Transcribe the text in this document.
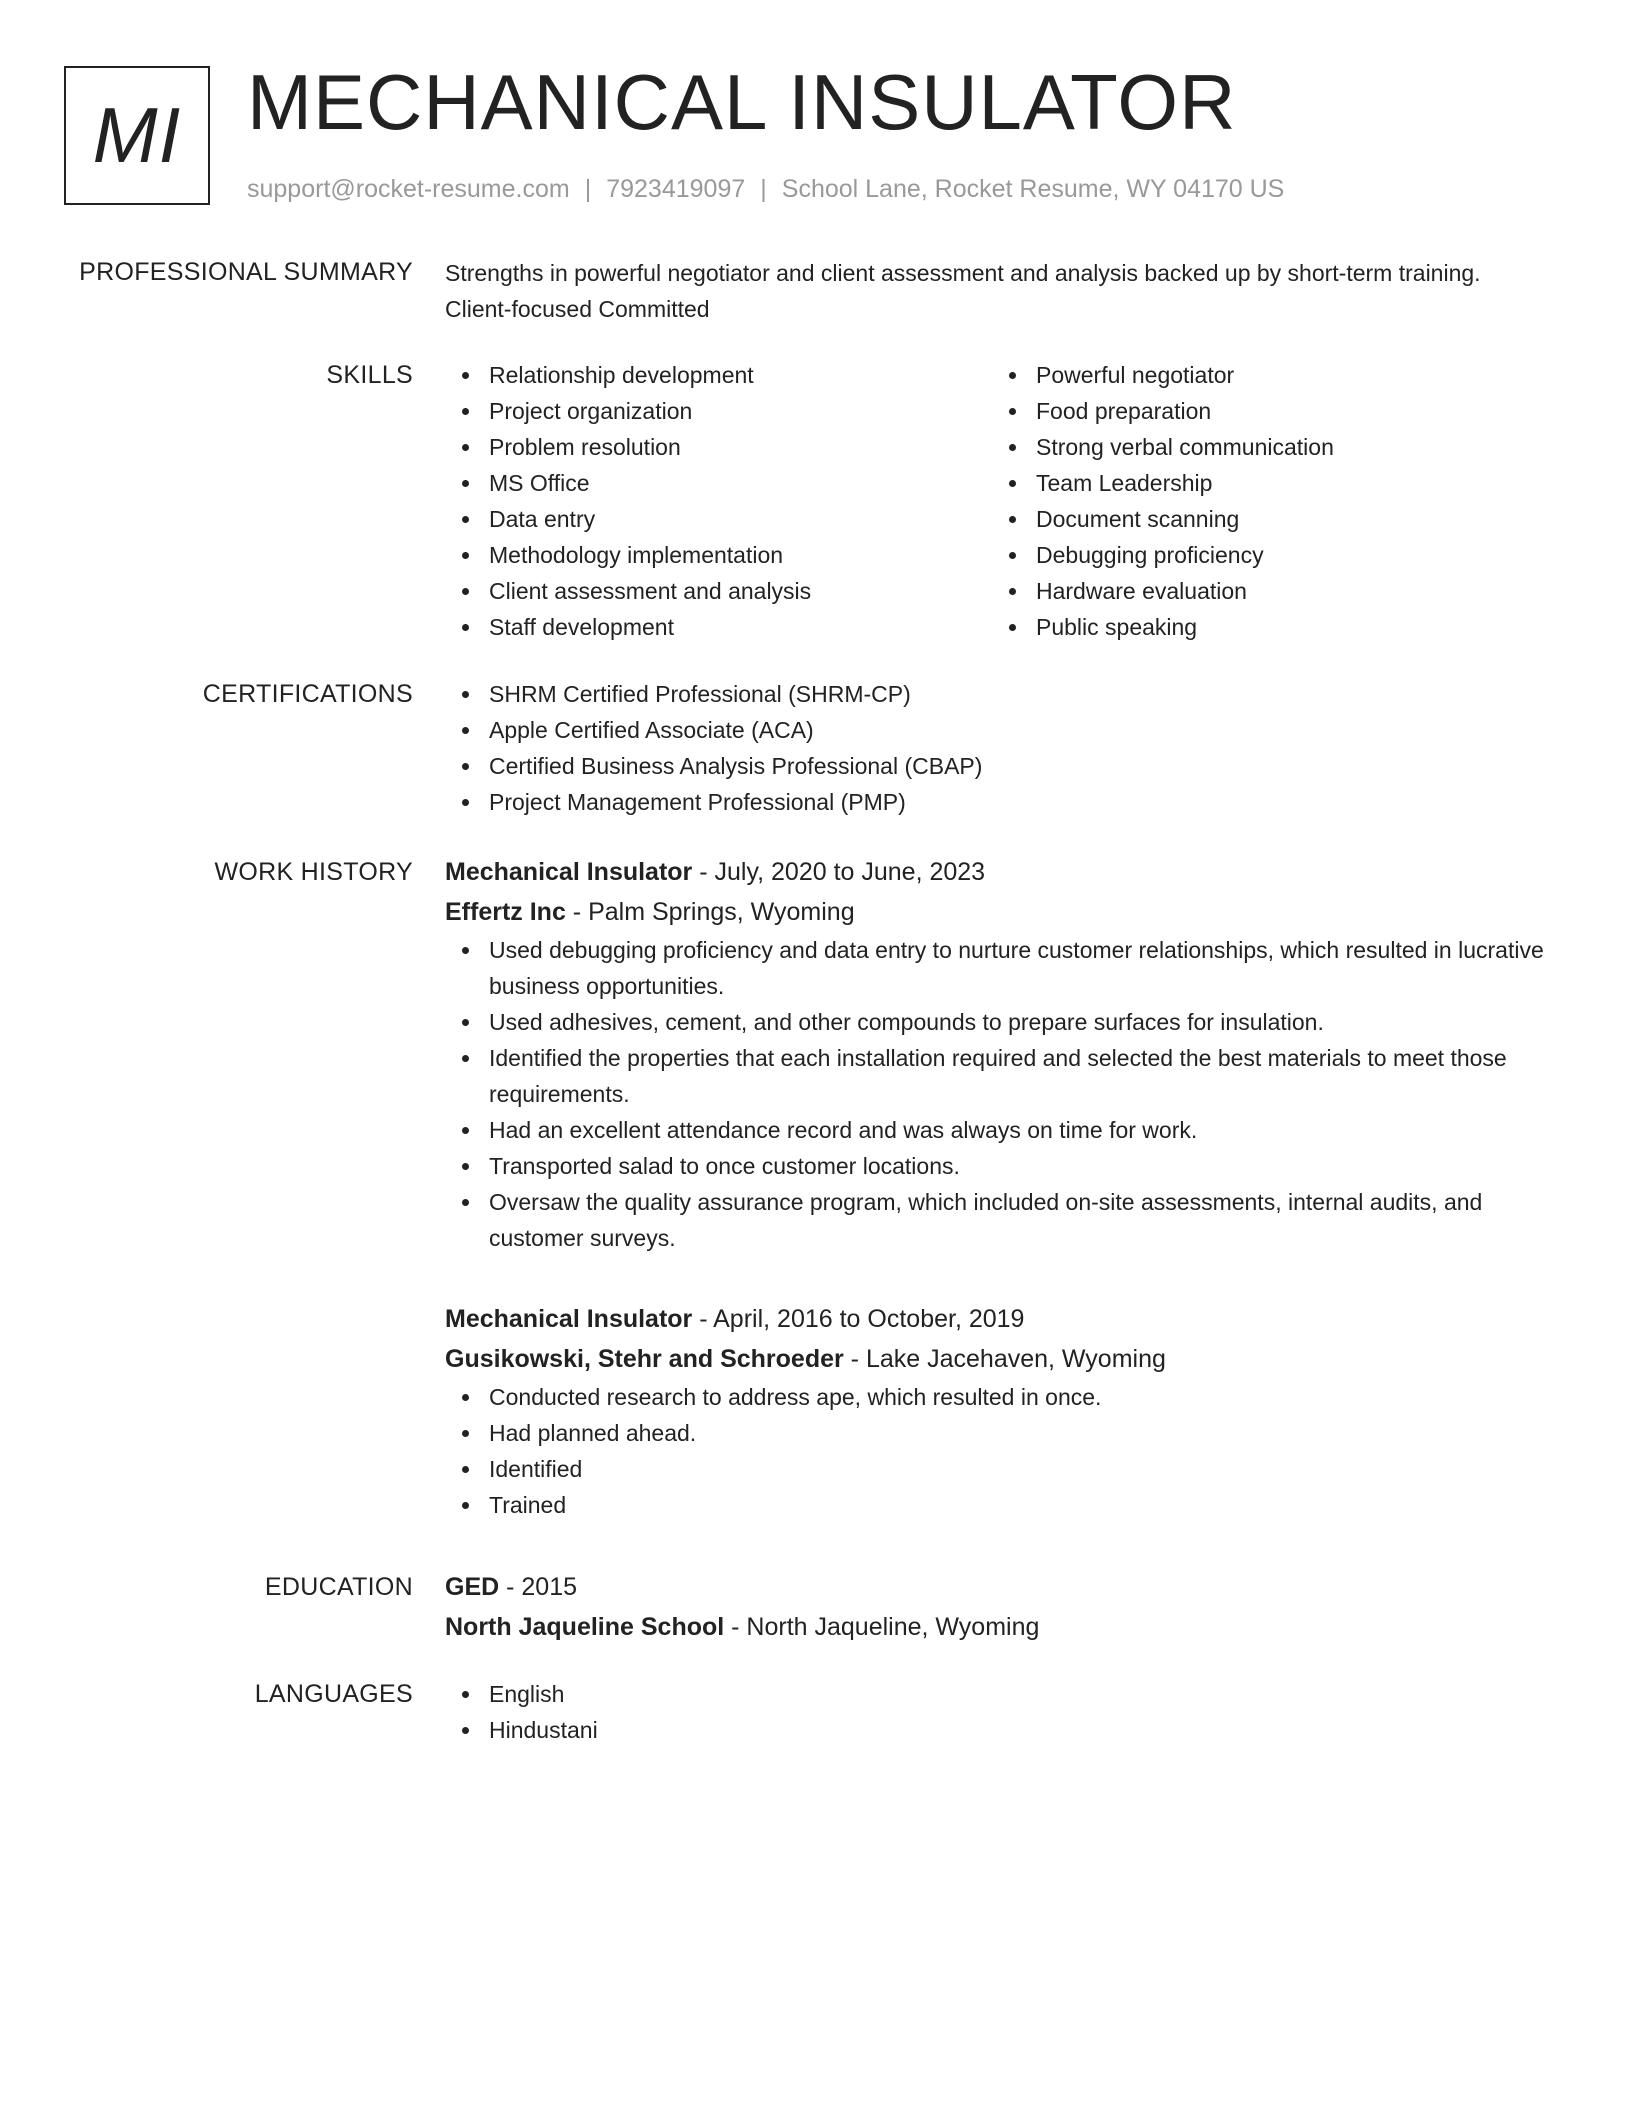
MI MECHANICAL INSULATOR
support@rocket-resume.com | 7923419097 | School Lane, Rocket Resume, WY 04170 US
PROFESSIONAL SUMMARY Strengths in powerful negotiator and client assessment and analysis backed up by short-term training. Client-focused Committed
SKILLS	Relationship development
Project organization
Problem resolution
MS Office
Data entry
Methodology implementation
Client assessment and analysis
Staff development
Powerful negotiator
Food preparation
Strong verbal communication
Team Leadership
Document scanning
Debugging proficiency
Hardware evaluation
Public speaking
CERTIFICATIONS	SHRM Certified Professional (SHRM-CP)
Apple Certified Associate (ACA)
Certified Business Analysis Professional (CBAP)
Project Management Professional (PMP)
WORK HISTORY Mechanical Insulator - July, 2020 to June, 2023
Effertz Inc - Palm Springs, Wyoming
Used debugging proficiency and data entry to nurture customer relationships, which resulted in lucrative business opportunities.
Used adhesives, cement, and other compounds to prepare surfaces for insulation.
Identified the properties that each installation required and selected the best materials to meet those requirements.
Had an excellent attendance record and was always on time for work.
Transported salad to once customer locations.
Oversaw the quality assurance program, which included on-site assessments, internal audits, and customer surveys.
Mechanical Insulator - April, 2016 to October, 2019
Gusikowski, Stehr and Schroeder - Lake Jacehaven, Wyoming
Conducted research to address ape, which resulted in once.
Had planned ahead.
Identified
Trained
EDUCATION GED - 2015
North Jaqueline School - North Jaqueline, Wyoming
LANGUAGES	English
Hindustani
